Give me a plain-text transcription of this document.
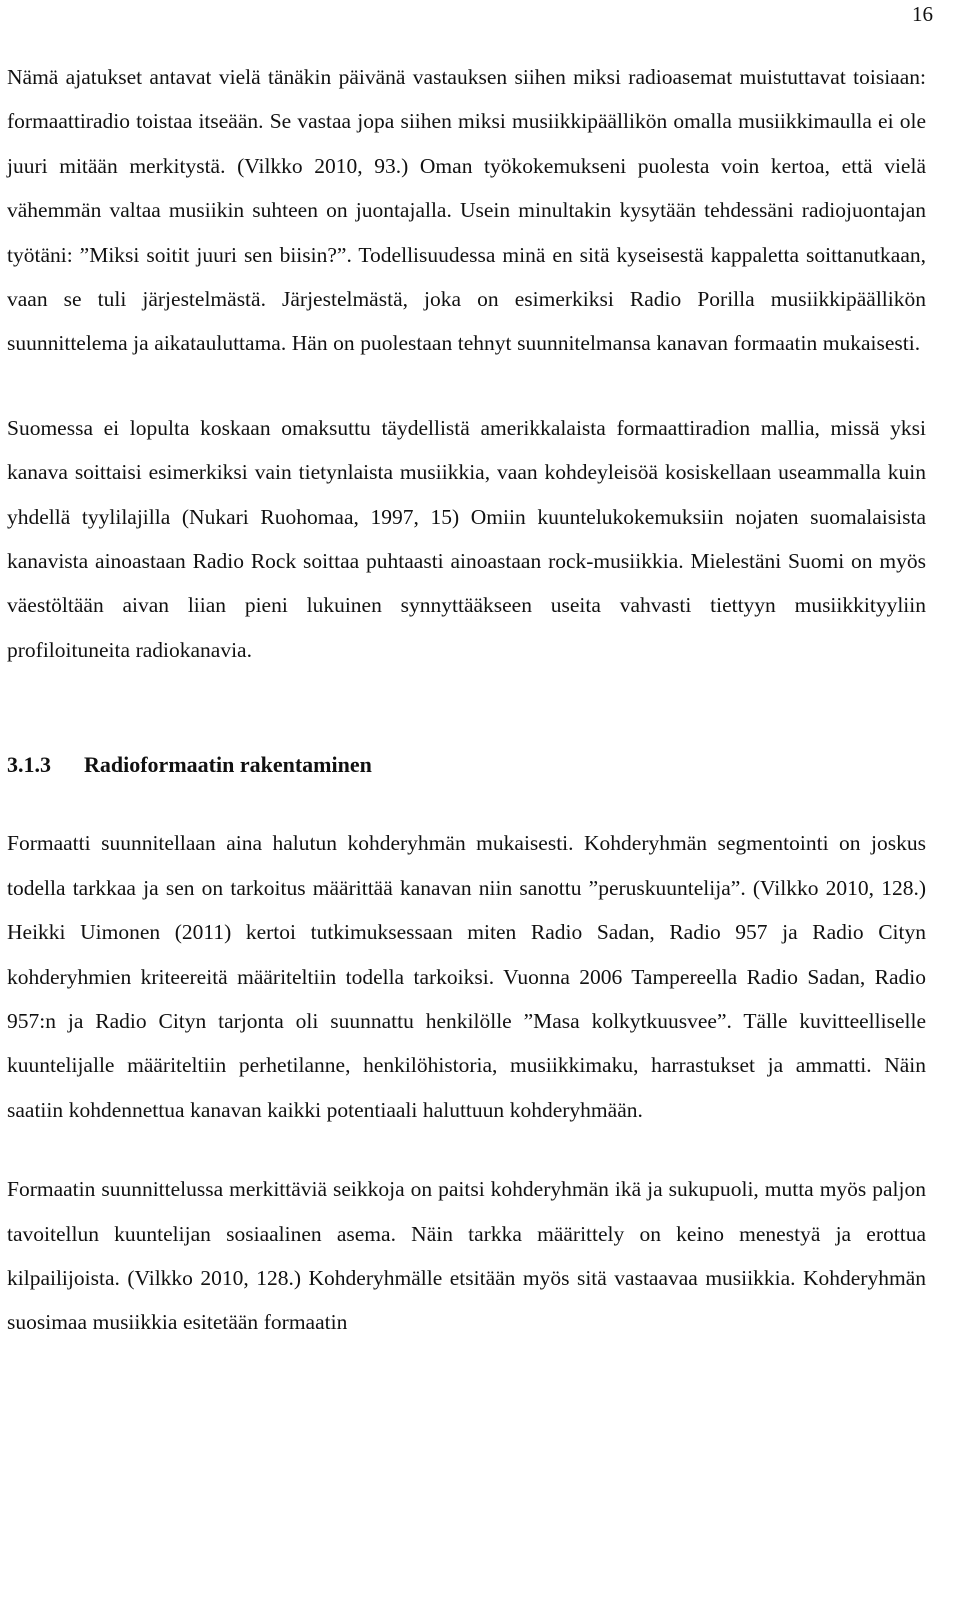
16

Nämä ajatukset antavat vielä tänäkin päivänä vastauksen siihen miksi radioasemat muistuttavat toisiaan: formaattiradio toistaa itseään. Se vastaa jopa siihen miksi musiikkipäällikön omalla musiikkimaulla ei ole juuri mitään merkitystä. (Vilkko 2010, 93.) Oman työkokemukseni puolesta voin kertoa, että vielä vähemmän valtaa musiikin suhteen on juontajalla. Usein minultakin kysytään tehdessäni radiojuontajan työtäni: ”Miksi soitit juuri sen biisin?”. Todellisuudessa minä en sitä kyseisestä kappaletta soittanutkaan, vaan se tuli järjestelmästä. Järjestelmästä, joka on esimerkiksi Radio Porilla musiikkipäällikön suunnittelema ja aikatauluttama. Hän on puolestaan tehnyt suunnitelmansa kanavan formaatin mukaisesti.

Suomessa ei lopulta koskaan omaksuttu täydellistä amerikkalaista formaattiradion mallia, missä yksi kanava soittaisi esimerkiksi vain tietynlaista musiikkia, vaan kohdeyleisöä kosiskellaan useammalla kuin yhdellä tyylilajilla (Nukari Ruohomaa, 1997, 15) Omiin kuuntelukokemuksiin nojaten suomalaisista kanavista ainoastaan Radio Rock soittaa puhtaasti ainoastaan rock-musiikkia. Mielestäni Suomi on myös väestöltään aivan liian pieni lukuinen synnyttääkseen useita vahvasti tiettyyn musiikkityyliin profiloituneita radiokanavia.

3.1.3	Radioformaatin rakentaminen

Formaatti suunnitellaan aina halutun kohderyhmän mukaisesti. Kohderyhmän segmentointi on joskus todella tarkkaa ja sen on tarkoitus määrittää kanavan niin sanottu ”peruskuuntelija”. (Vilkko 2010, 128.) Heikki Uimonen (2011) kertoi tutkimuksessaan miten Radio Sadan, Radio 957 ja Radio Cityn kohderyhmien kriteereitä määriteltiin todella tarkoiksi. Vuonna 2006 Tampereella Radio Sadan, Radio 957:n ja Radio Cityn tarjonta oli suunnattu henkilölle ”Masa kolkytkuusvee”. Tälle kuvitteelliselle kuuntelijalle määriteltiin perhetilanne, henkilöhistoria, musiikkimaku, harrastukset ja ammatti. Näin saatiin kohdennettua kanavan kaikki potentiaali haluttuun kohderyhmään.

Formaatin suunnittelussa merkittäviä seikkoja on paitsi kohderyhmän ikä ja sukupuoli, mutta myös paljon tavoitellun kuuntelijan sosiaalinen asema. Näin tarkka määrittely on keino menestyä ja erottua kilpailijoista. (Vilkko 2010, 128.) Kohderyhmälle etsitään myös sitä vastaavaa musiikkia. Kohderyhmän suosimaa musiikkia esitetään formaatin
